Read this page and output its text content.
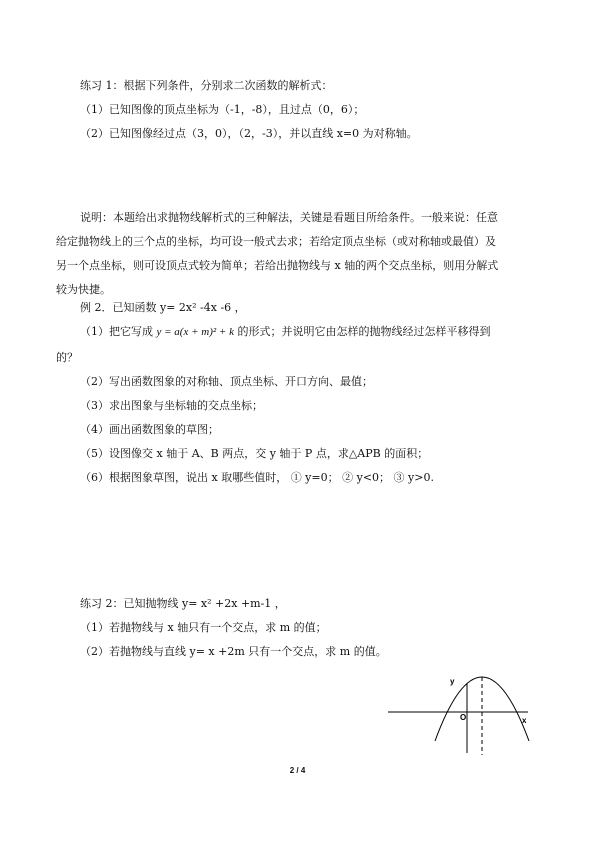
练习 1：根据下列条件，分别求二次函数的解析式：
（1）已知图像的顶点坐标为（-1，-8），且过点（0，6）；
（2）已知图像经过点（3，0），（2，-3），并以直线 x=0 为对称轴。
说明：本题给出求抛物线解析式的三种解法，关键是看题目所给条件。一般来说：任意
给定抛物线上的三个点的坐标，均可设一般式去求；若给定顶点坐标（或对称轴或最值）及
另一个点坐标，则可设顶点式较为简单；若给出抛物线与 x 轴的两个交点坐标，则用分解式
较为快捷。
例 2．已知函数 y= 2x² -4x -6 ，
（1）把它写成 y = a(x + m)² + k 的形式；并说明它由怎样的抛物线经过怎样平移得到
的？
（2）写出函数图象的对称轴、顶点坐标、开口方向、最值；
（3）求出图象与坐标轴的交点坐标；
（4）画出函数图象的草图；
（5）设图像交 x 轴于 A、B 两点，交 y 轴于 P 点，求△APB 的面积；
（6）根据图象草图，说出 x 取哪些值时， ① y=0； ② y<0； ③ y>0.
练习 2：已知抛物线 y= x² +2x +m-1 ，
（1）若抛物线与 x 轴只有一个交点，求 m 的值；
（2）若抛物线与直线 y= x +2m 只有一个交点，求 m 的值。
y
x
O
2 / 4
